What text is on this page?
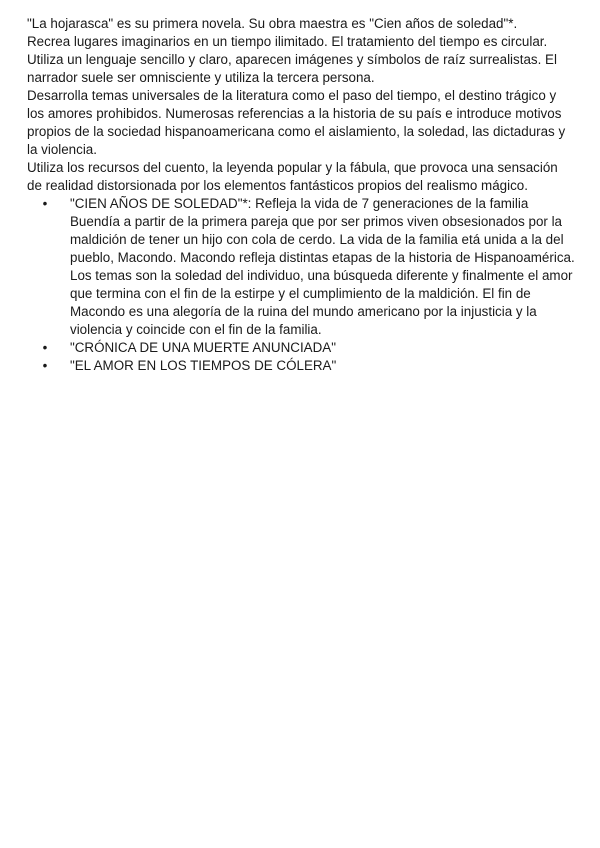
"La hojarasca" es su primera novela. Su obra maestra es "Cien años de soledad"*.

Recrea lugares imaginarios en un tiempo ilimitado. El tratamiento del tiempo es circular.

Utiliza un lenguaje sencillo y claro, aparecen imágenes y símbolos de raíz surrealistas. El narrador suele ser omnisciente y utiliza la tercera persona.

Desarrolla temas universales de la literatura como el paso del tiempo, el destino trágico y los amores prohibidos. Numerosas referencias a la historia de su país e introduce motivos propios de la sociedad hispanoamericana como el aislamiento, la soledad, las dictaduras y la violencia.

Utiliza los recursos del cuento, la leyenda popular y la fábula, que provoca una sensación de realidad distorsionada por los elementos fantásticos propios del realismo mágico.

• "CIEN AÑOS DE SOLEDAD"*: Refleja la vida de 7 generaciones de la familia Buendía a partir de la primera pareja que por ser primos viven obsesionados por la maldición de tener un hijo con cola de cerdo. La vida de la familia etá unida a la del pueblo, Macondo. Macondo refleja distintas etapas de la historia de Hispanoamérica. Los temas son la soledad del individuo, una búsqueda diferente y finalmente el amor que termina con el fin de la estirpe y el cumplimiento de la maldición. El fin de Macondo es una alegoría de la ruina del mundo americano por la injusticia y la violencia y coincide con el fin de la familia.
• "CRÓNICA DE UNA MUERTE ANUNCIADA"
• "EL AMOR EN LOS TIEMPOS DE CÓLERA"
